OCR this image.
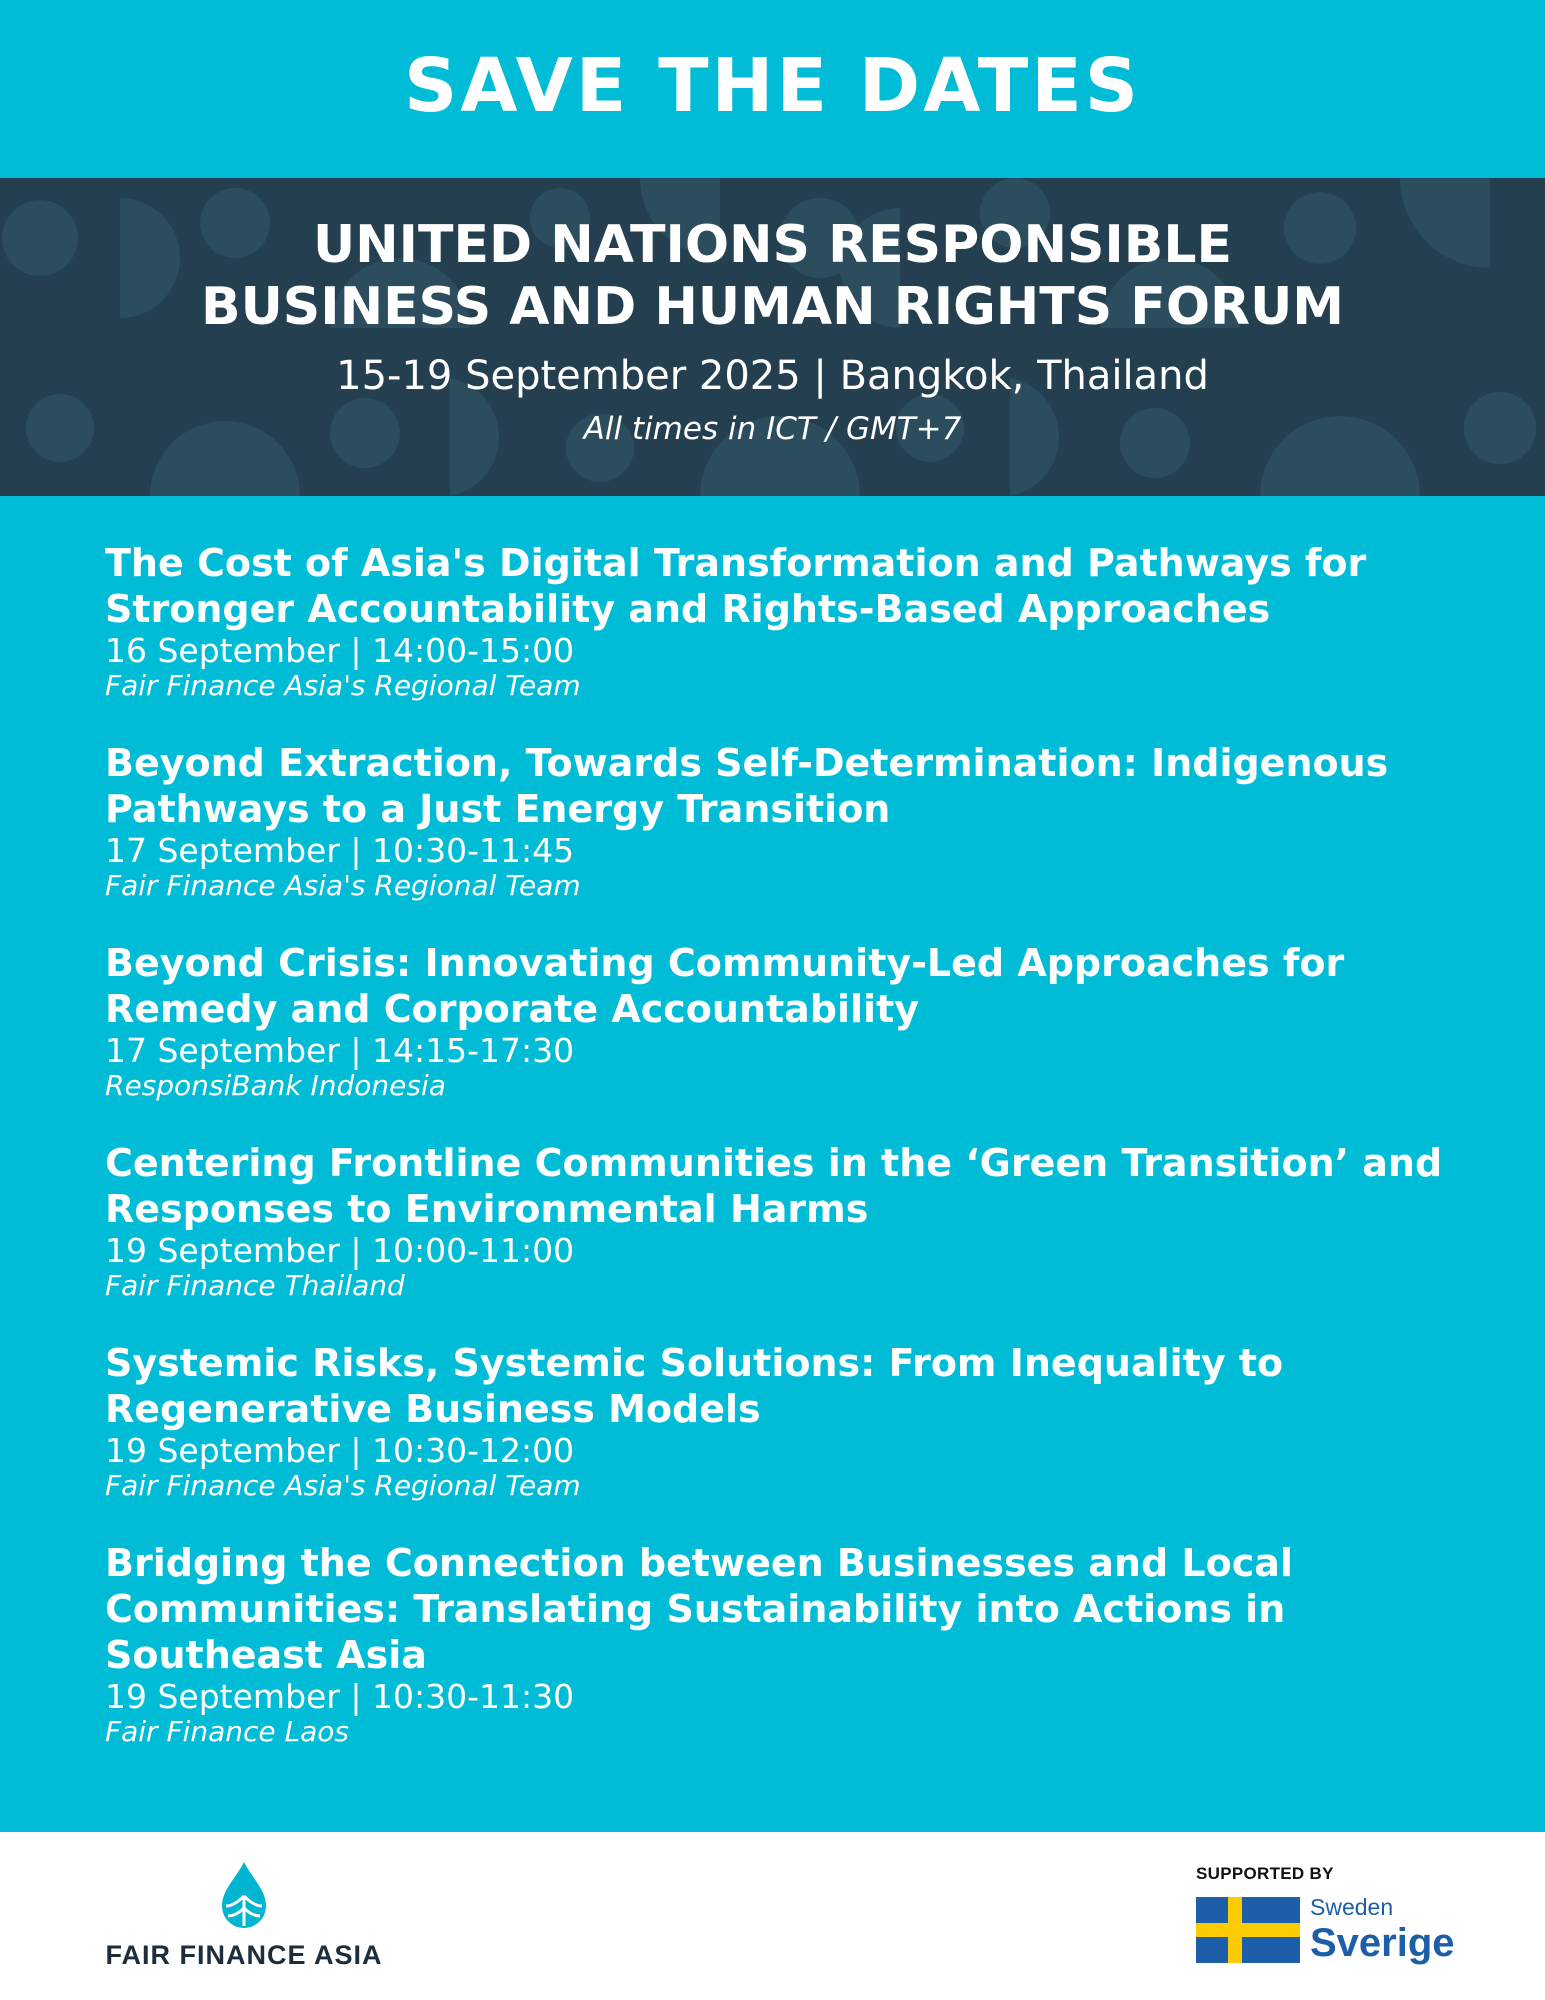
SAVE THE DATES
UNITED NATIONS RESPONSIBLE
BUSINESS AND HUMAN RIGHTS FORUM
15-19 September 2025 | Bangkok, Thailand
All times in ICT / GMT+7
The Cost of Asia's Digital Transformation and Pathways for Stronger Accountability and Rights-Based Approaches
16 September | 14:00-15:00
Fair Finance Asia's Regional Team
Beyond Extraction, Towards Self-Determination: Indigenous Pathways to a Just Energy Transition
17 September | 10:30-11:45
Fair Finance Asia's Regional Team
Beyond Crisis: Innovating Community-Led Approaches for Remedy and Corporate Accountability
17 September | 14:15-17:30
ResponsiBank Indonesia
Centering Frontline Communities in the ‘Green Transition’ and Responses to Environmental Harms
19 September | 10:00-11:00
Fair Finance Thailand
Systemic Risks, Systemic Solutions: From Inequality to Regenerative Business Models
19 September | 10:30-12:00
Fair Finance Asia's Regional Team
Bridging the Connection between Businesses and Local Communities: Translating Sustainability into Actions in Southeast Asia
19 September | 10:30-11:30
Fair Finance Laos
FAIR FINANCE ASIA
SUPPORTED BY
Sweden
Sverige
